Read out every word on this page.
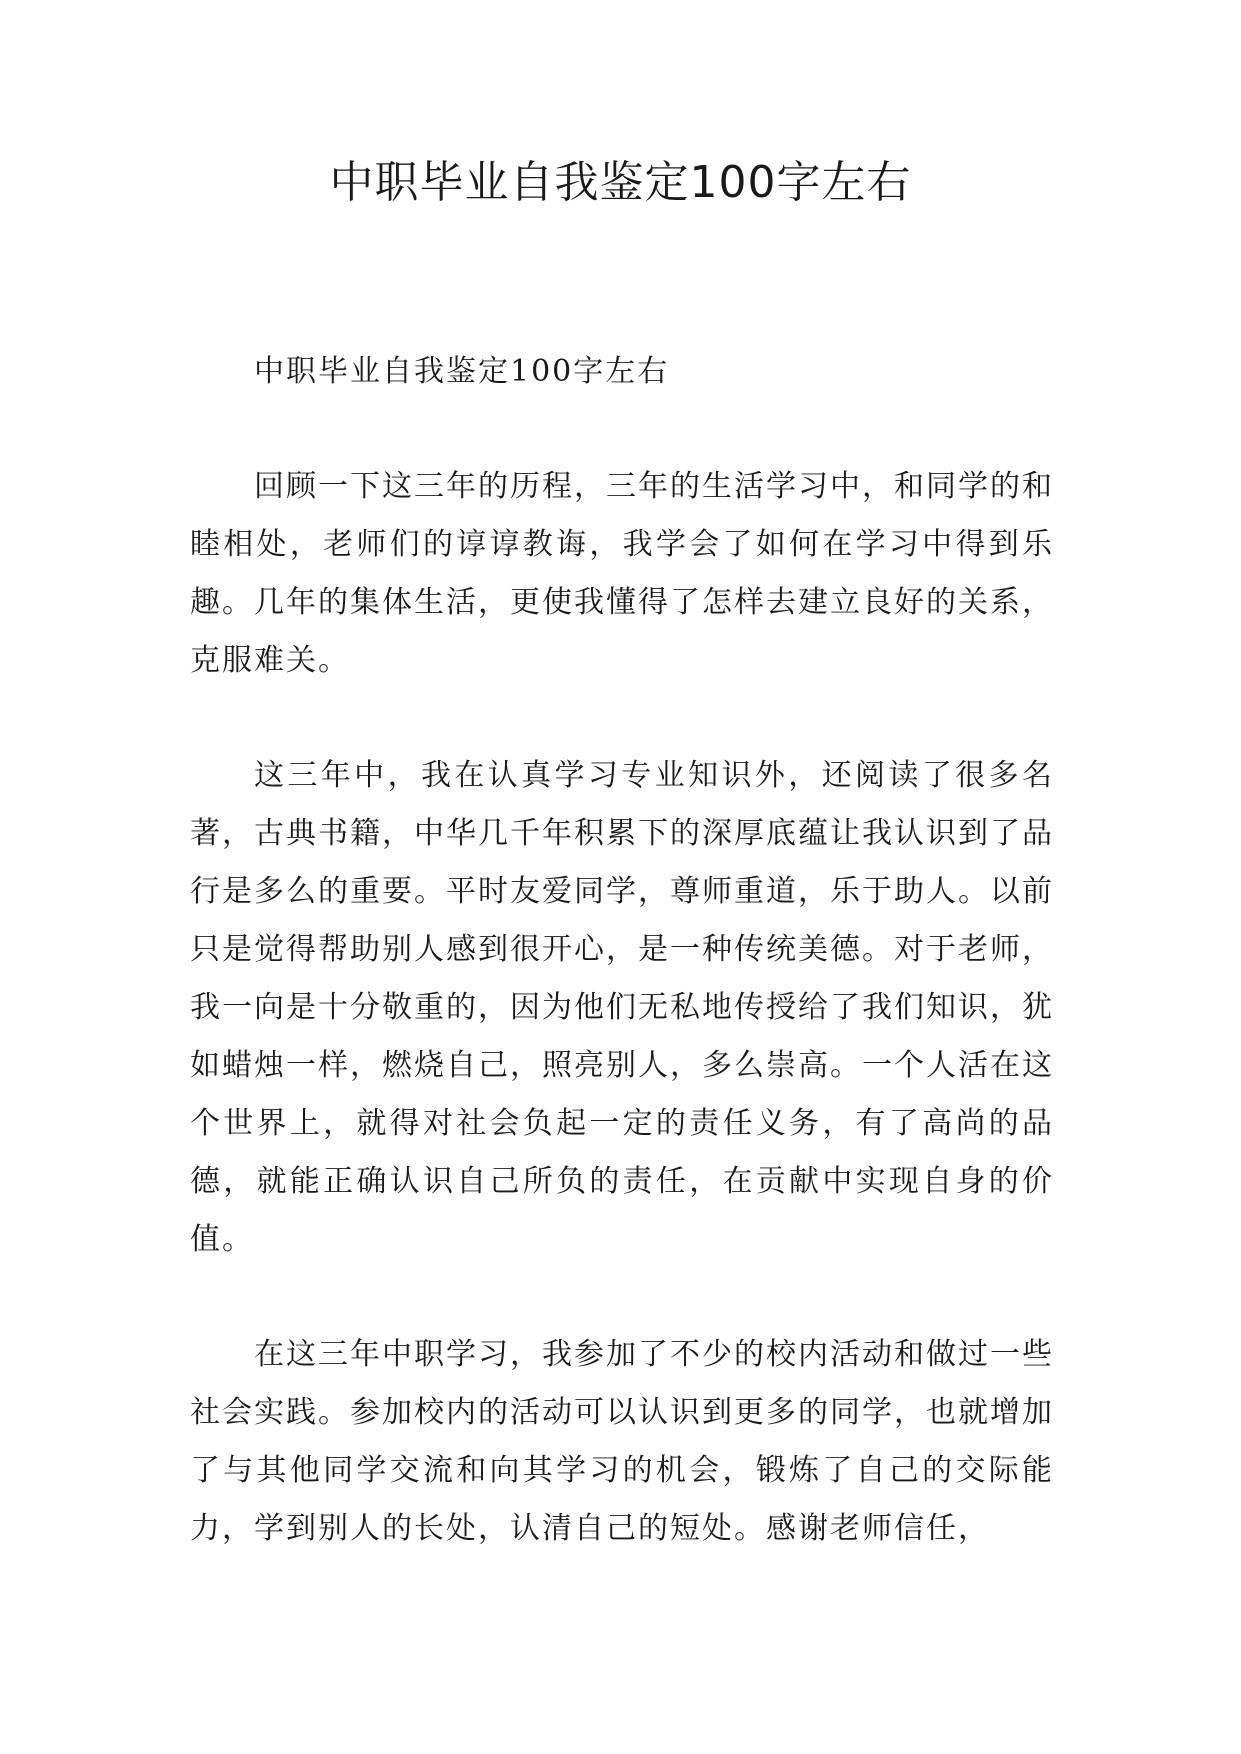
中职毕业自我鉴定100字左右

中职毕业自我鉴定100字左右

回顾一下这三年的历程，三年的生活学习中，和同学的和睦相处，老师们的谆谆教诲，我学会了如何在学习中得到乐趣。几年的集体生活，更使我懂得了怎样去建立良好的关系，克服难关。

这三年中，我在认真学习专业知识外，还阅读了很多名著，古典书籍，中华几千年积累下的深厚底蕴让我认识到了品行是多么的重要。平时友爱同学，尊师重道，乐于助人。以前只是觉得帮助别人感到很开心，是一种传统美德。对于老师，我一向是十分敬重的，因为他们无私地传授给了我们知识，犹如蜡烛一样，燃烧自己，照亮别人，多么崇高。一个人活在这个世界上，就得对社会负起一定的责任义务，有了高尚的品德，就能正确认识自己所负的责任，在贡献中实现自身的价值。

在这三年中职学习，我参加了不少的校内活动和做过一些社会实践。参加校内的活动可以认识到更多的同学，也就增加了与其他同学交流和向其学习的机会，锻炼了自己的交际能力，学到别人的长处，认清自己的短处。感谢老师信任，
